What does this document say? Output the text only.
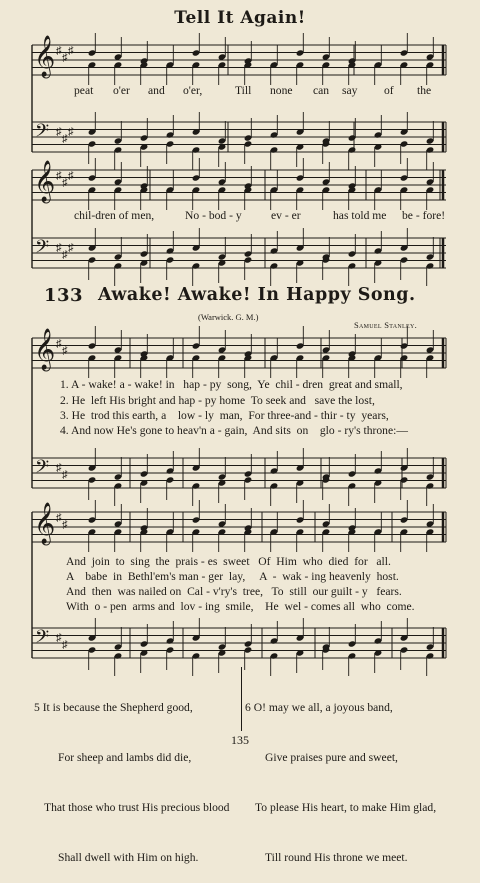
Tell It Again!
𝄞
𝄢
♯
♯
♯
♯
♯
♯
𝄞
𝄢
♯
♯
♯
♯
♯
♯
𝄞
𝄢
♯
♯
♯
♯
𝄞
𝄢
♯
♯
♯
♯
peat o'er and o'er,	Till none can say of the
chil-dren of men,	No - bod - y	ev - er	has told me be - fore!
133 Awake! Awake! In Happy Song.
(Warwick. G. M.)
Samuel Stanley.
1. A - wake! a - wake! in   hap - py  song,  Ye  chil - dren  great and small,
2. He  left His bright and hap - py home  To seek and   save the lost,
3. He  trod this earth, a    low - ly  man,  For three-and - thir - ty  years,
4. And now He's gone to heav'n a - gain,  And sits  on    glo - ry's throne:—
And  join  to  sing  the  prais - es  sweet   Of  Him  who  died  for   all.
A    babe  in  Bethl'em's man - ger  lay,     A  -  wak - ing heavenly  host.
And  then  was nailed on  Cal - v'ry's  tree,   To  still  our guilt - y   fears.
With  o - pen  arms and  lov - ing  smile,    He  wel - comes all  who  come.

5 It is because the Shepherd good,

For sheep and lambs did die,

That those who trust His precious blood

Shall dwell with Him on high.

6 O! may we all, a joyous band,

Give praises pure and sweet,

To please His heart, to make Him glad,

Till round His throne we meet.

135
